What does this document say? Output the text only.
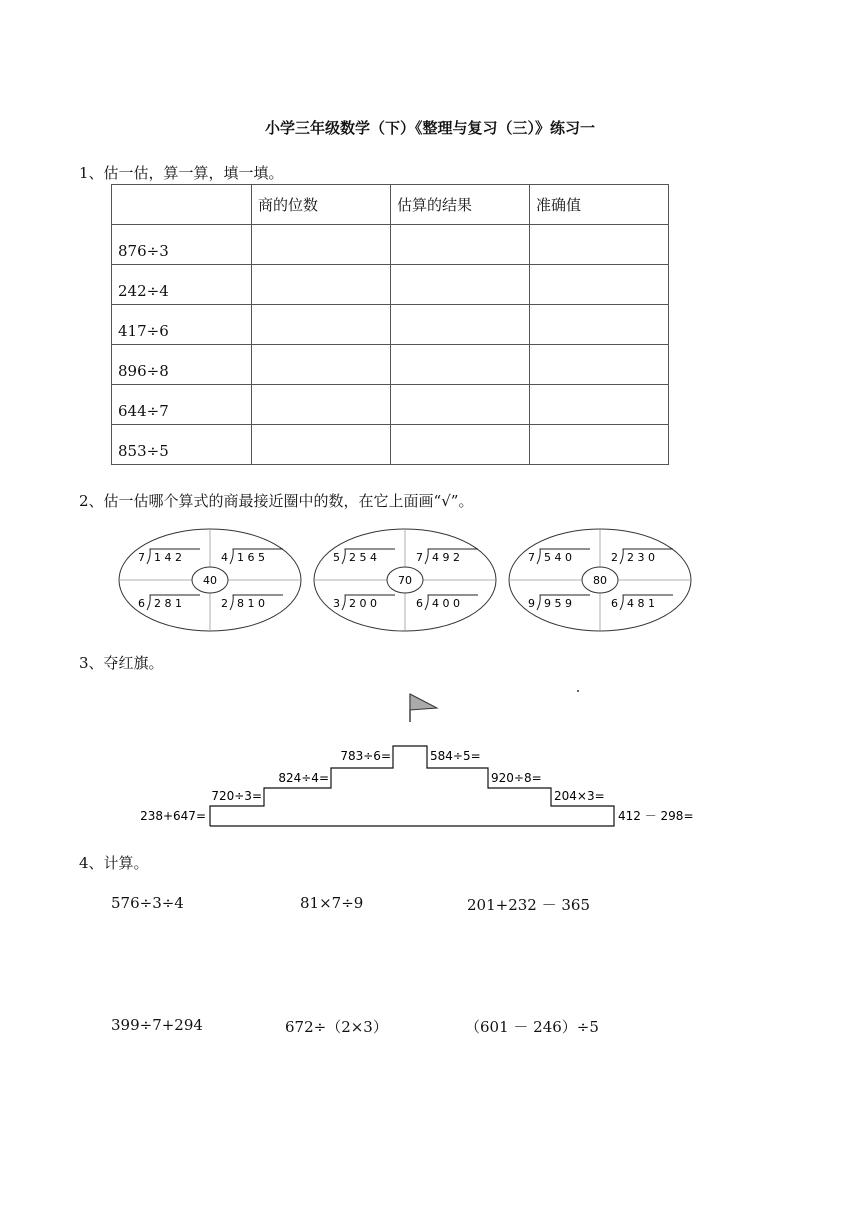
小学三年级数学（下）《整理与复习（三）》练习一
1、估一估，算一算，填一填。
	商的位数	估算的结果	准确值
876÷3			
242÷4			
417÷6			
896÷8			
644÷7			
853÷5			
2、估一估哪个算式的商最接近圈中的数，在它上面画“√”。
40
7 1 4 2	4 1 6 5
6 2 8 1	2 8 1 0
70
5 2 5 4	7 4 9 2
3 2 0 0	6 4 0 0
80
7 5 4 0	2 2 3 0
9 9 5 9	6 4 8 1
3、夺红旗。
238+647=
720÷3=
824÷4=
783÷6=	584÷5=
920÷8=
204×3=
412 － 298=
4、计算。
576÷3÷4	81×7÷9	201+232 － 365
399÷7+294	672÷（2×3）	（601 － 246）÷5
